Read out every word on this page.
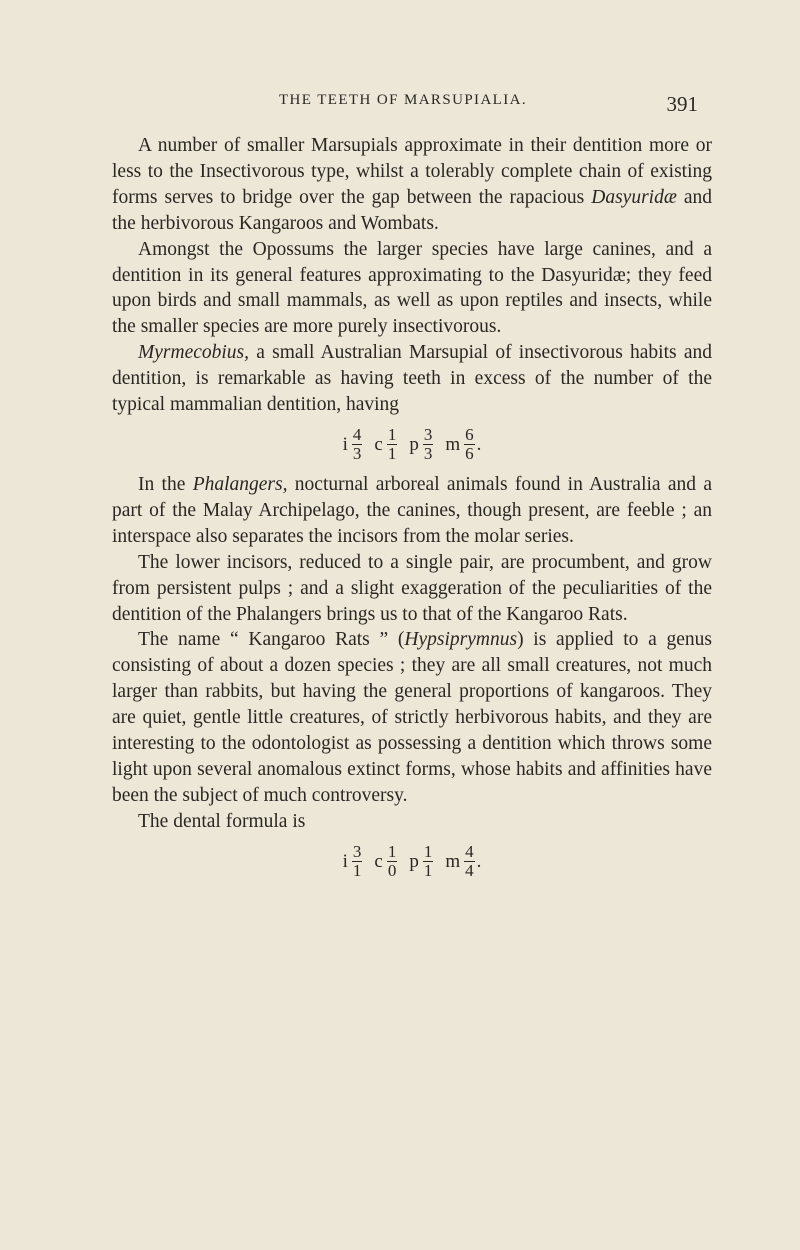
THE TEETH OF MARSUPIALIA.	391

A number of smaller Marsupials approximate in their dentition more or less to the Insectivorous type, whilst a tolerably complete chain of existing forms serves to bridge over the gap between the rapacious Dasyuridæ and the herbivorous Kangaroos and Wombats.

Amongst the Opossums the larger species have large canines, and a dentition in its general features approximating to the Dasyuridæ; they feed upon birds and small mammals, as well as upon reptiles and insects, while the smaller species are more purely insectivorous.

Myrmecobius, a small Australian Marsupial of insectivorous habits and dentition, is remarkable as having teeth in excess of the number of the typical mammalian dentition, having

i $\frac{4}{3}$ c $\frac{1}{1}$ p $\frac{3}{3}$ m $\frac{6}{6}$ .

In the Phalangers, nocturnal arboreal animals found in Australia and a part of the Malay Archipelago, the canines, though present, are feeble ; an interspace also separates the incisors from the molar series.

The lower incisors, reduced to a single pair, are procumbent, and grow from persistent pulps ; and a slight exaggeration of the peculiarities of the dentition of the Phalangers brings us to that of the Kangaroo Rats.

The name “ Kangaroo Rats ” (Hypsiprymnus) is applied to a genus consisting of about a dozen species ; they are all small creatures, not much larger than rabbits, but having the general proportions of kangaroos. They are quiet, gentle little creatures, of strictly herbivorous habits, and they are interesting to the odontologist as possessing a dentition which throws some light upon several anomalous extinct forms, whose habits and affinities have been the subject of much controversy.

The dental formula is

i $\frac{3}{1}$ c $\frac{1}{0}$ p $\frac{1}{1}$ m $\frac{4}{4}$ .
